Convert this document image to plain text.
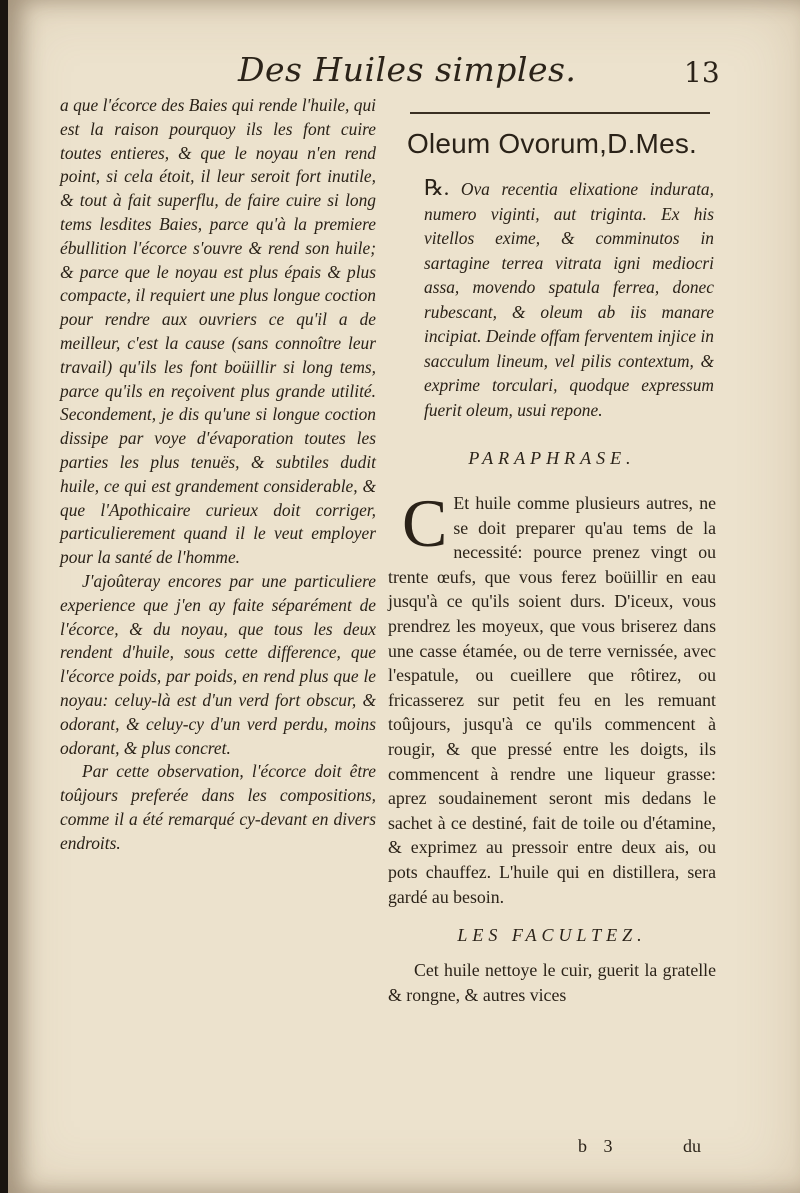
Des Huiles simples.	13

a que l'écorce des Baies qui rende l'huile, qui est la raison pourquoy ils les font cuire toutes entieres, & que le noyau n'en rend point, si cela étoit, il leur seroit fort inutile, & tout à fait superflu, de faire cuire si long tems lesdites Baies, parce qu'à la premiere ébullition l'écorce s'ouvre & rend son huile; & parce que le noyau est plus épais & plus compacte, il requiert une plus longue coction pour rendre aux ouvriers ce qu'il a de meilleur, c'est la cause (sans connoître leur travail) qu'ils les font boüillir si long tems, parce qu'ils en reçoivent plus grande utilité. Secondement, je dis qu'une si longue coction dissipe par voye d'évaporation toutes les parties les plus tenuës, & subtiles dudit huile, ce qui est grandement considerable, & que l'Apothicaire curieux doit corriger, particulierement quand il le veut employer pour la santé de l'homme.

J'ajoûteray encores par une particuliere experience que j'en ay faite séparément de l'écorce, & du noyau, que tous les deux rendent d'huile, sous cette difference, que l'écorce poids, par poids, en rend plus que le noyau: celuy-là est d'un verd fort obscur, & odorant, & celuy-cy d'un verd perdu, moins odorant, & plus concret.

Par cette observation, l'écorce doit être toûjours preferée dans les compositions, comme il a été remarqué cy-devant en divers endroits.

Oleum Ovorum,D.Mes.
℞. Ova recentia elixatione indurata, numero viginti, aut triginta. Ex his vitellos exime, & comminutos in sartagine terrea vitrata igni mediocri assa, movendo spatula ferrea, donec rubescant, & oleum ab iis manare incipiat. Deinde offam ferventem injice in sacculum lineum, vel pilis contextum, & exprime torculari, quodque expressum fuerit oleum, usui repone.
PARAPHRASE.
C Et huile comme plusieurs autres, ne se doit preparer qu'au tems de la necessité: pource prenez vingt ou trente œufs, que vous ferez boüillir en eau jusqu'à ce qu'ils soient durs. D'iceux, vous prendrez les moyeux, que vous briserez dans une casse étamée, ou de terre vernissée, avec l'espatule, ou cueillere que rôtirez, ou fricasserez sur petit feu en les remuant toûjours, jusqu'à ce qu'ils commencent à rougir, & que pressé entre les doigts, ils commencent à rendre une liqueur grasse: aprez soudainement seront mis dedans le sachet à ce destiné, fait de toile ou d'étamine, & exprimez au pressoir entre deux ais, ou pots chauffez. L'huile qui en distillera, sera gardé au besoin.
LES FACULTEZ.
Cet huile nettoye le cuir, guerit la gratelle & rongne, & autres vices
b 3	du
